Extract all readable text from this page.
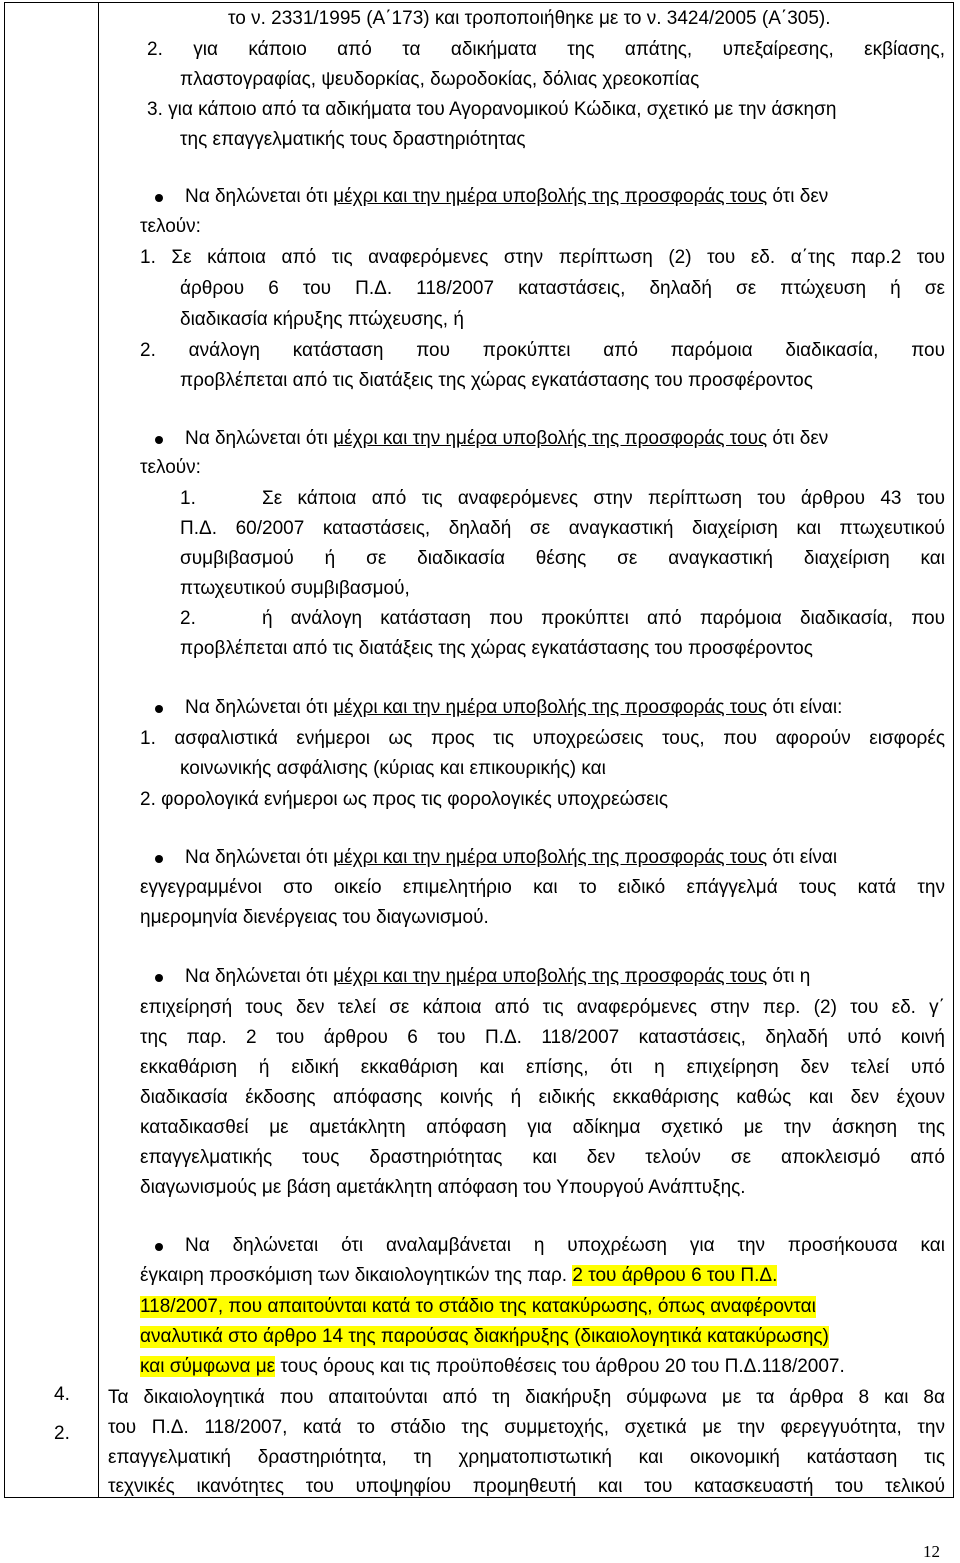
4.
2.
το ν. 2331/1995 (Α΄173) και τροποποιήθηκε με το ν. 3424/2005 (Α΄305).
2. για κάποιο από τα αδικήματα της απάτης, υπεξαίρεσης, εκβίασης,
πλαστογραφίας, ψευδορκίας, δωροδοκίας, δόλιας χρεοκοπίας
3. για κάποιο από τα αδικήματα του Αγορανομικού Κώδικα, σχετικό με την άσκηση
της επαγγελματικής τους δραστηριότητας
Να δηλώνεται ότι μέχρι και την ημέρα υποβολής της προσφοράς τους ότι δεν
τελούν:
1. Σε κάποια από τις αναφερόμενες στην περίπτωση (2) του εδ. α΄της παρ.2 του
άρθρου 6 του Π.Δ. 118/2007 καταστάσεις, δηλαδή σε πτώχευση ή σε
διαδικασία κήρυξης πτώχευσης, ή
2. ανάλογη κατάσταση που προκύπτει από παρόμοια διαδικασία, που
προβλέπεται από τις διατάξεις της χώρας εγκατάστασης του προσφέροντος
Να δηλώνεται ότι μέχρι και την ημέρα υποβολής της προσφοράς τους ότι δεν
τελούν:
1.	Σε κάποια από τις αναφερόμενες στην περίπτωση του άρθρου 43 του
Π.Δ. 60/2007 καταστάσεις, δηλαδή σε αναγκαστική διαχείριση και πτωχευτικού
συμβιβασμού ή σε διαδικασία θέσης σε αναγκαστική διαχείριση και
πτωχευτικού συμβιβασμού,
2.	ή ανάλογη κατάσταση που προκύπτει από παρόμοια διαδικασία, που
προβλέπεται από τις διατάξεις της χώρας εγκατάστασης του προσφέροντος
Να δηλώνεται ότι μέχρι και την ημέρα υποβολής της προσφοράς τους ότι είναι:
1. ασφαλιστικά ενήμεροι ως προς τις υποχρεώσεις τους, που αφορούν εισφορές
κοινωνικής ασφάλισης (κύριας και επικουρικής) και
2. φορολογικά ενήμεροι ως προς τις φορολογικές υποχρεώσεις
Να δηλώνεται ότι μέχρι και την ημέρα υποβολής της προσφοράς τους ότι είναι
εγγεγραμμένοι στο οικείο επιμελητήριο και το ειδικό επάγγελμά τους κατά την
ημερομηνία διενέργειας του διαγωνισμού.
Να δηλώνεται ότι μέχρι και την ημέρα υποβολής της προσφοράς τους ότι η
επιχείρησή τους δεν τελεί σε κάποια από τις αναφερόμενες στην περ. (2) του εδ. γ΄
της παρ. 2 του άρθρου 6 του Π.Δ. 118/2007 καταστάσεις, δηλαδή υπό κοινή
εκκαθάριση ή ειδική εκκαθάριση και επίσης, ότι η επιχείρηση δεν τελεί υπό
διαδικασία έκδοσης απόφασης κοινής ή ειδικής εκκαθάρισης καθώς και δεν έχουν
καταδικασθεί με αμετάκλητη απόφαση για αδίκημα σχετικό με την άσκηση της
επαγγελματικής τους δραστηριότητας και δεν τελούν σε αποκλεισμό από
διαγωνισμούς με βάση αμετάκλητη απόφαση του Υπουργού Ανάπτυξης.
Να δηλώνεται ότι αναλαμβάνεται η υποχρέωση για την προσήκουσα και
έγκαιρη προσκόμιση των δικαιολογητικών της παρ. 2 του άρθρου 6 του Π.Δ.
118/2007, που απαιτούνται κατά το στάδιο της κατακύρωσης, όπως αναφέρονται
αναλυτικά στο άρθρο 14 της παρούσας διακήρυξης (δικαιολογητικά κατακύρωσης)
και σύμφωνα με τους όρους και τις προϋποθέσεις του άρθρου 20 του Π.Δ.118/2007.
Τα δικαιολογητικά που απαιτούνται από τη διακήρυξη σύμφωνα με τα άρθρα 8 και 8α
του Π.Δ. 118/2007, κατά το στάδιο της συμμετοχής, σχετικά με την φερεγγυότητα, την
επαγγελματική δραστηριότητα, τη χρηματοπιστωτική και οικονομική κατάσταση τις
τεχνικές ικανότητες του υποψηφίου προμηθευτή και του κατασκευαστή του τελικού
12
